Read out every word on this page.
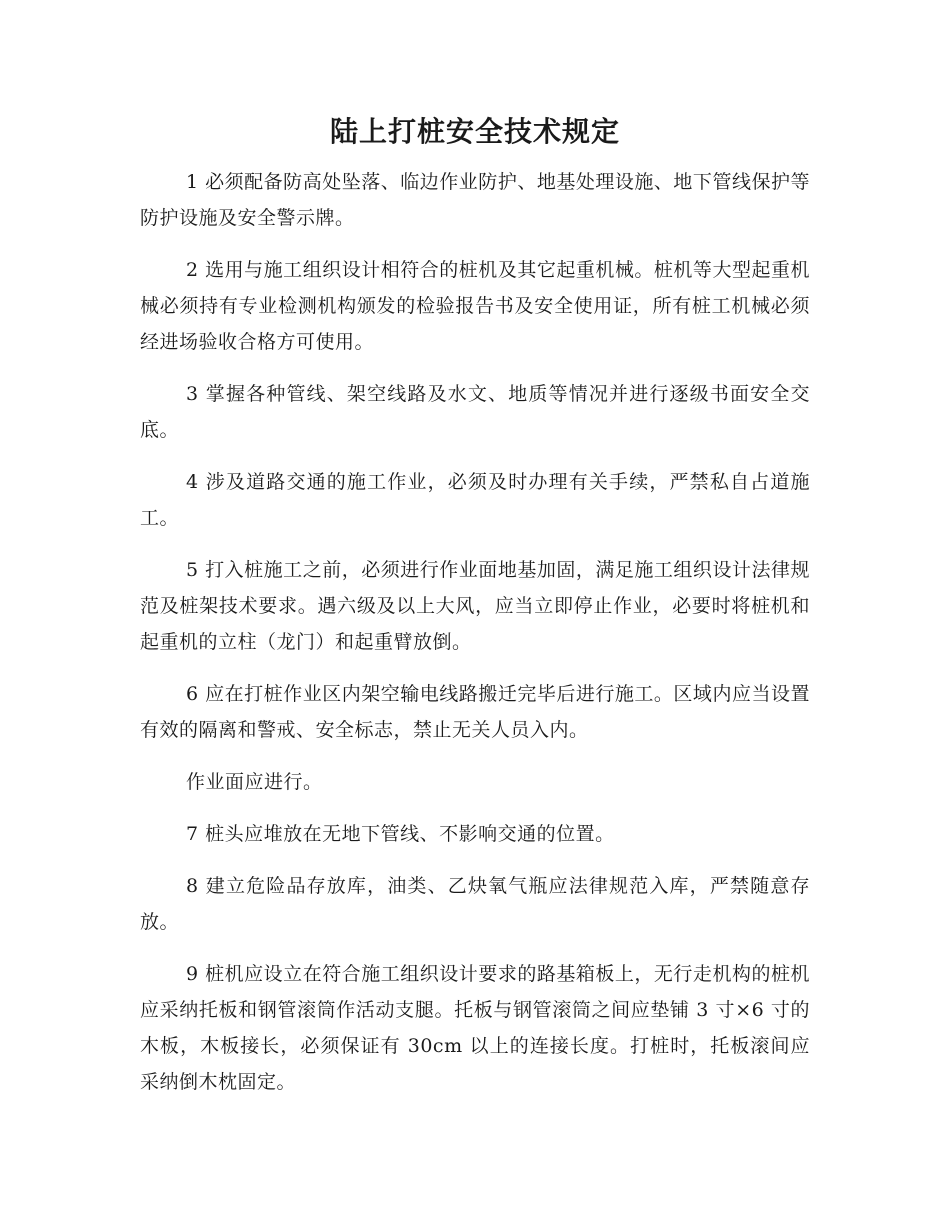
陆上打桩安全技术规定

1 必须配备防高处坠落、临边作业防护、地基处理设施、地下管线保护等防护设施及安全警示牌。

2 选用与施工组织设计相符合的桩机及其它起重机械。桩机等大型起重机械必须持有专业检测机构颁发的检验报告书及安全使用证，所有桩工机械必须经进场验收合格方可使用。

3 掌握各种管线、架空线路及水文、地质等情况并进行逐级书面安全交底。

4 涉及道路交通的施工作业，必须及时办理有关手续，严禁私自占道施工。

5 打入桩施工之前，必须进行作业面地基加固，满足施工组织设计法律规范及桩架技术要求。遇六级及以上大风，应当立即停止作业，必要时将桩机和起重机的立柱（龙门）和起重臂放倒。

6 应在打桩作业区内架空输电线路搬迁完毕后进行施工。区域内应当设置有效的隔离和警戒、安全标志，禁止无关人员入内。

作业面应进行。

7 桩头应堆放在无地下管线、不影响交通的位置。

8 建立危险品存放库，油类、乙炔氧气瓶应法律规范入库，严禁随意存放。

9 桩机应设立在符合施工组织设计要求的路基箱板上，无行走机构的桩机应采纳托板和钢管滚筒作活动支腿。托板与钢管滚筒之间应垫铺 3 寸×6 寸的木板，木板接长，必须保证有 30cm 以上的连接长度。打桩时，托板滚间应采纳倒木枕固定。
